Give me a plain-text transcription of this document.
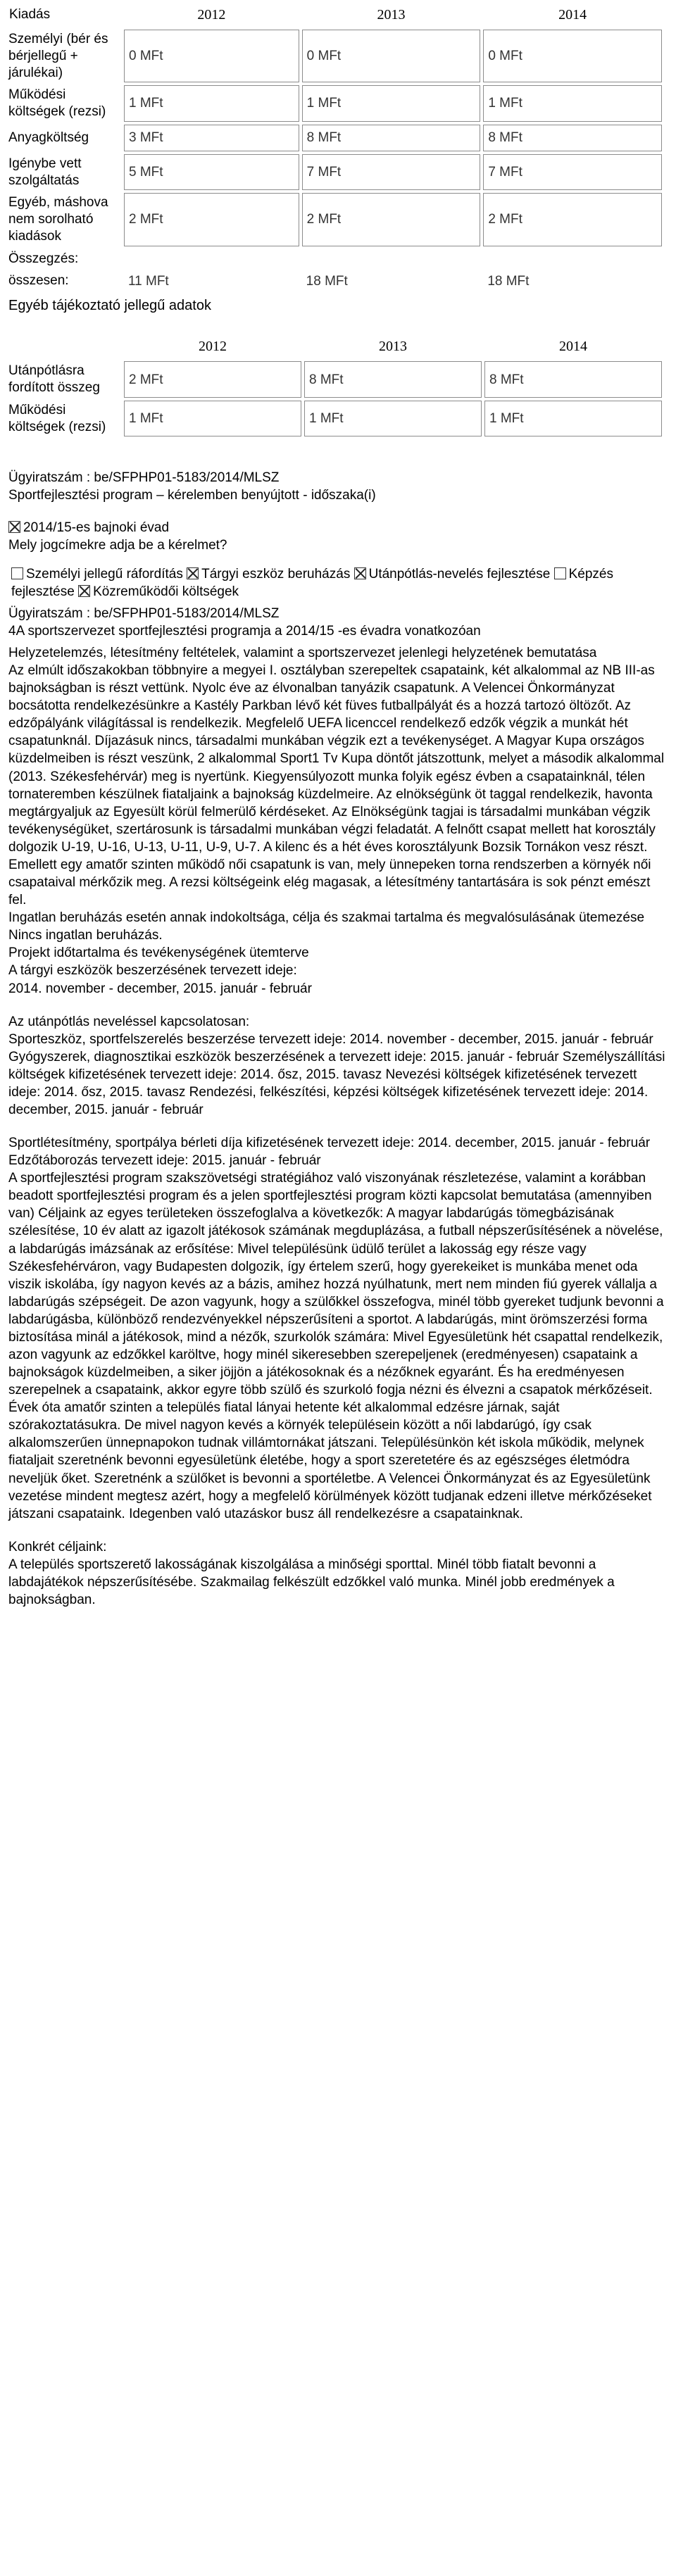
Kiadás	2012	2013	2014
Személyi (bér és bérjellegű + járulékai)	0 MFt	0 MFt	0 MFt
Működési költségek (rezsi)	1 MFt	1 MFt	1 MFt
Anyagköltség	3 MFt	8 MFt	8 MFt
Igénybe vett szolgáltatás	5 MFt	7 MFt	7 MFt
Egyéb, máshova nem sorolható kiadások	2 MFt	2 MFt	2 MFt
Összegzés:			
összesen:	11 MFt	18 MFt	18 MFt
Egyéb tájékoztató jellegű adatok
	2012	2013	2014
Utánpótlásra fordított összeg	2 MFt	8 MFt	8 MFt
Működési költségek (rezsi)	1 MFt	1 MFt	1 MFt

Ügyiratszám : be/SFPHP01-5183/2014/MLSZ

Sportfejlesztési program – kérelemben benyújtott - időszaka(i)

2014/15-es bajnoki évad

Mely jogcímekre adja be a kérelmet?

Személyi jellegű ráfordítás Tárgyi eszköz beruházás Utánpótlás-nevelés fejlesztése Képzés fejlesztése Közreműködői költségek

Ügyiratszám : be/SFPHP01-5183/2014/MLSZ

4A sportszervezet sportfejlesztési programja a 2014/15 -es évadra vonatkozóan

Helyzetelemzés, létesítmény feltételek, valamint a sportszervezet jelenlegi helyzetének bemutatása

Az elmúlt időszakokban többnyire a megyei I. osztályban szerepeltek csapataink, két alkalommal az NB III-as bajnokságban is részt vettünk. Nyolc éve az élvonalban tanyázik csapatunk. A Velencei Önkormányzat bocsátotta rendelkezésünkre a Kastély Parkban lévő két füves futballpályát és a hozzá tartozó öltözőt. Az edzőpályánk világítással is rendelkezik. Megfelelő UEFA licenccel rendelkező edzők végzik a munkát hét csapatunknál. Díjazásuk nincs, társadalmi munkában végzik ezt a tevékenységet. A Magyar Kupa országos küzdelmeiben is részt veszünk, 2 alkalommal Sport1 Tv Kupa döntőt játszottunk, melyet a második alkalommal (2013. Székesfehérvár) meg is nyertünk. Kiegyensúlyozott munka folyik egész évben a csapatainknál, télen tornateremben készülnek fiataljaink a bajnokság küzdelmeire. Az elnökségünk öt taggal rendelkezik, havonta megtárgyaljuk az Egyesült körül felmerülő kérdéseket. Az Elnökségünk tagjai is társadalmi munkában végzik tevékenységüket, szertárosunk is társadalmi munkában végzi feladatát. A felnőtt csapat mellett hat korosztály dolgozik U-19, U-16, U-13, U-11, U-9, U-7. A kilenc és a hét éves korosztályunk Bozsik Tornákon vesz részt. Emellett egy amatőr szinten működő női csapatunk is van, mely ünnepeken torna rendszerben a környék női csapataival mérkőzik meg. A rezsi költségeink elég magasak, a létesítmény tantartására is sok pénzt emészt fel.

Ingatlan beruházás esetén annak indokoltsága, célja és szakmai tartalma és megvalósulásának ütemezése

Nincs ingatlan beruházás.

Projekt időtartalma és tevékenységének ütemterve

A tárgyi eszközök beszerzésének tervezett ideje:

2014. november - december, 2015. január - február

Az utánpótlás neveléssel kapcsolatosan:

Sporteszköz, sportfelszerelés beszerzése tervezett ideje: 2014. november - december, 2015. január - február Gyógyszerek, diagnosztikai eszközök beszerzésének a tervezett ideje: 2015. január - február Személyszállítási költségek kifizetésének tervezett ideje: 2014. ősz, 2015. tavasz Nevezési költségek kifizetésének tervezett ideje: 2014. ősz, 2015. tavasz Rendezési, felkészítési, képzési költségek kifizetésének tervezett ideje: 2014. december, 2015. január - február

Sportlétesítmény, sportpálya bérleti díja kifizetésének tervezett ideje: 2014. december, 2015. január - február

Edzőtáborozás tervezett ideje: 2015. január - február

A sportfejlesztési program szakszövetségi stratégiához való viszonyának részletezése, valamint a korábban beadott sportfejlesztési program és a jelen sportfejlesztési program közti kapcsolat bemutatása (amennyiben van) Céljaink az egyes területeken összefoglalva a következők: A magyar labdarúgás tömegbázisának szélesítése, 10 év alatt az igazolt játékosok számának megduplázása, a futball népszerűsítésének a növelése, a labdarúgás imázsának az erősítése: Mivel településünk üdülő terület a lakosság egy része vagy Székesfehérváron, vagy Budapesten dolgozik, így értelem szerű, hogy gyerekeiket is munkába menet oda viszik iskolába, így nagyon kevés az a bázis, amihez hozzá nyúlhatunk, mert nem minden fiú gyerek vállalja a labdarúgás szépségeit. De azon vagyunk, hogy a szülőkkel összefogva, minél több gyereket tudjunk bevonni a labdarúgásba, különböző rendezvényekkel népszerűsíteni a sportot. A labdarúgás, mint örömszerzési forma biztosítása minál a játékosok, mind a nézők, szurkolók számára: Mivel Egyesületünk hét csapattal rendelkezik, azon vagyunk az edzőkkel karöltve, hogy minél sikeresebben szerepeljenek (eredményesen) csapataink a bajnokságok küzdelmeiben, a siker jöjjön a játékosoknak és a nézőknek egyaránt. És ha eredményesen szerepelnek a csapataink, akkor egyre több szülő és szurkoló fogja nézni és élvezni a csapatok mérkőzéseit. Évek óta amatőr szinten a település fiatal lányai hetente két alkalommal edzésre járnak, saját szórakoztatásukra. De mivel nagyon kevés a környék településein között a női labdarúgó, így csak alkalomszerűen ünnepnapokon tudnak villámtornákat játszani. Településünkön két iskola működik, melynek fiataljait szeretnénk bevonni egyesületünk életébe, hogy a sport szeretetére és az egészséges életmódra neveljük őket. Szeretnénk a szülőket is bevonni a sportéletbe. A Velencei Önkormányzat és az Egyesületünk vezetése mindent megtesz azért, hogy a megfelelő körülmények között tudjanak edzeni illetve mérkőzéseket játszani csapataink. Idegenben való utazáskor busz áll rendelkezésre a csapatainknak.

Konkrét céljaink:

A település sportszerető lakosságának kiszolgálása a minőségi sporttal. Minél több fiatalt bevonni a labdajátékok népszerűsítésébe. Szakmailag felkészült edzőkkel való munka. Minél jobb eredmények a bajnokságban.
